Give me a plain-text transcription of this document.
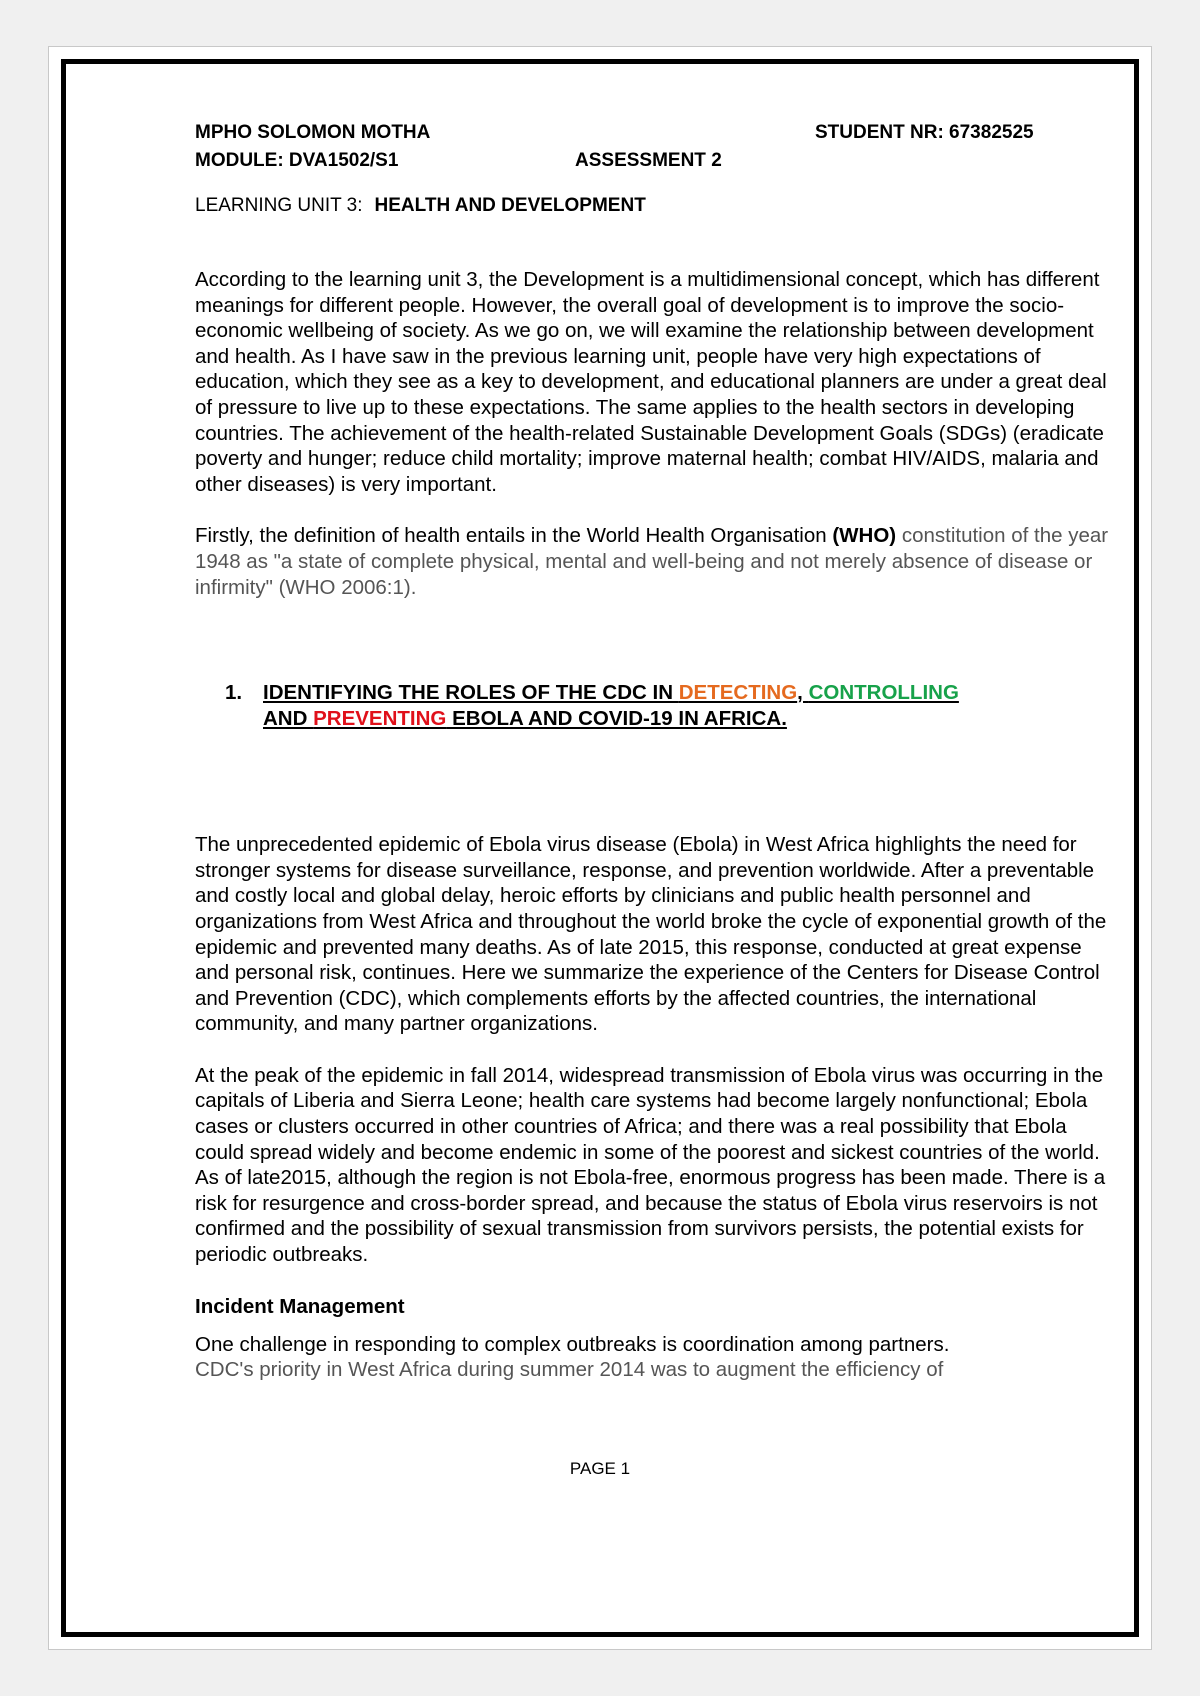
MPHO SOLOMON MOTHA	STUDENT NR: 67382525
MODULE: DVA1502/S1	ASSESSMENT 2
LEARNING UNIT 3: HEALTH AND DEVELOPMENT

According to the learning unit 3, the Development is a multidimensional concept, which has different meanings for different people. However, the overall goal of development is to improve the socio-economic wellbeing of society. As we go on, we will examine the relationship between development and health. As I have saw in the previous learning unit, people have very high expectations of education, which they see as a key to development, and educational planners are under a great deal of pressure to live up to these expectations. The same applies to the health sectors in developing countries. The achievement of the health-related Sustainable Development Goals (SDGs) (eradicate poverty and hunger; reduce child mortality; improve maternal health; combat HIV/AIDS, malaria and other diseases) is very important.

Firstly, the definition of health entails in the World Health Organisation (WHO) constitution of the year 1948 as "a state of complete physical, mental and well-being and not merely absence of disease or infirmity" (WHO 2006:1).

1.	IDENTIFYING THE ROLES OF THE CDC IN DETECTING, CONTROLLING
AND PREVENTING EBOLA AND COVID-19 IN AFRICA.

The unprecedented epidemic of Ebola virus disease (Ebola) in West Africa highlights the need for stronger systems for disease surveillance, response, and prevention worldwide. After a preventable and costly local and global delay, heroic efforts by clinicians and public health personnel and organizations from West Africa and throughout the world broke the cycle of exponential growth of the epidemic and prevented many deaths. As of late 2015, this response, conducted at great expense and personal risk, continues. Here we summarize the experience of the Centers for Disease Control and Prevention (CDC), which complements efforts by the affected countries, the international community, and many partner organizations.

At the peak of the epidemic in fall 2014, widespread transmission of Ebola virus was occurring in the capitals of Liberia and Sierra Leone; health care systems had become largely nonfunctional; Ebola cases or clusters occurred in other countries of Africa; and there was a real possibility that Ebola could spread widely and become endemic in some of the poorest and sickest countries of the world. As of late2015, although the region is not Ebola-free, enormous progress has been made. There is a risk for resurgence and cross-border spread, and because the status of Ebola virus reservoirs is not confirmed and the possibility of sexual transmission from survivors persists, the potential exists for periodic outbreaks.

Incident Management

One challenge in responding to complex outbreaks is coordination among partners.
CDC's priority in West Africa during summer 2014 was to augment the efficiency of

PAGE 1
